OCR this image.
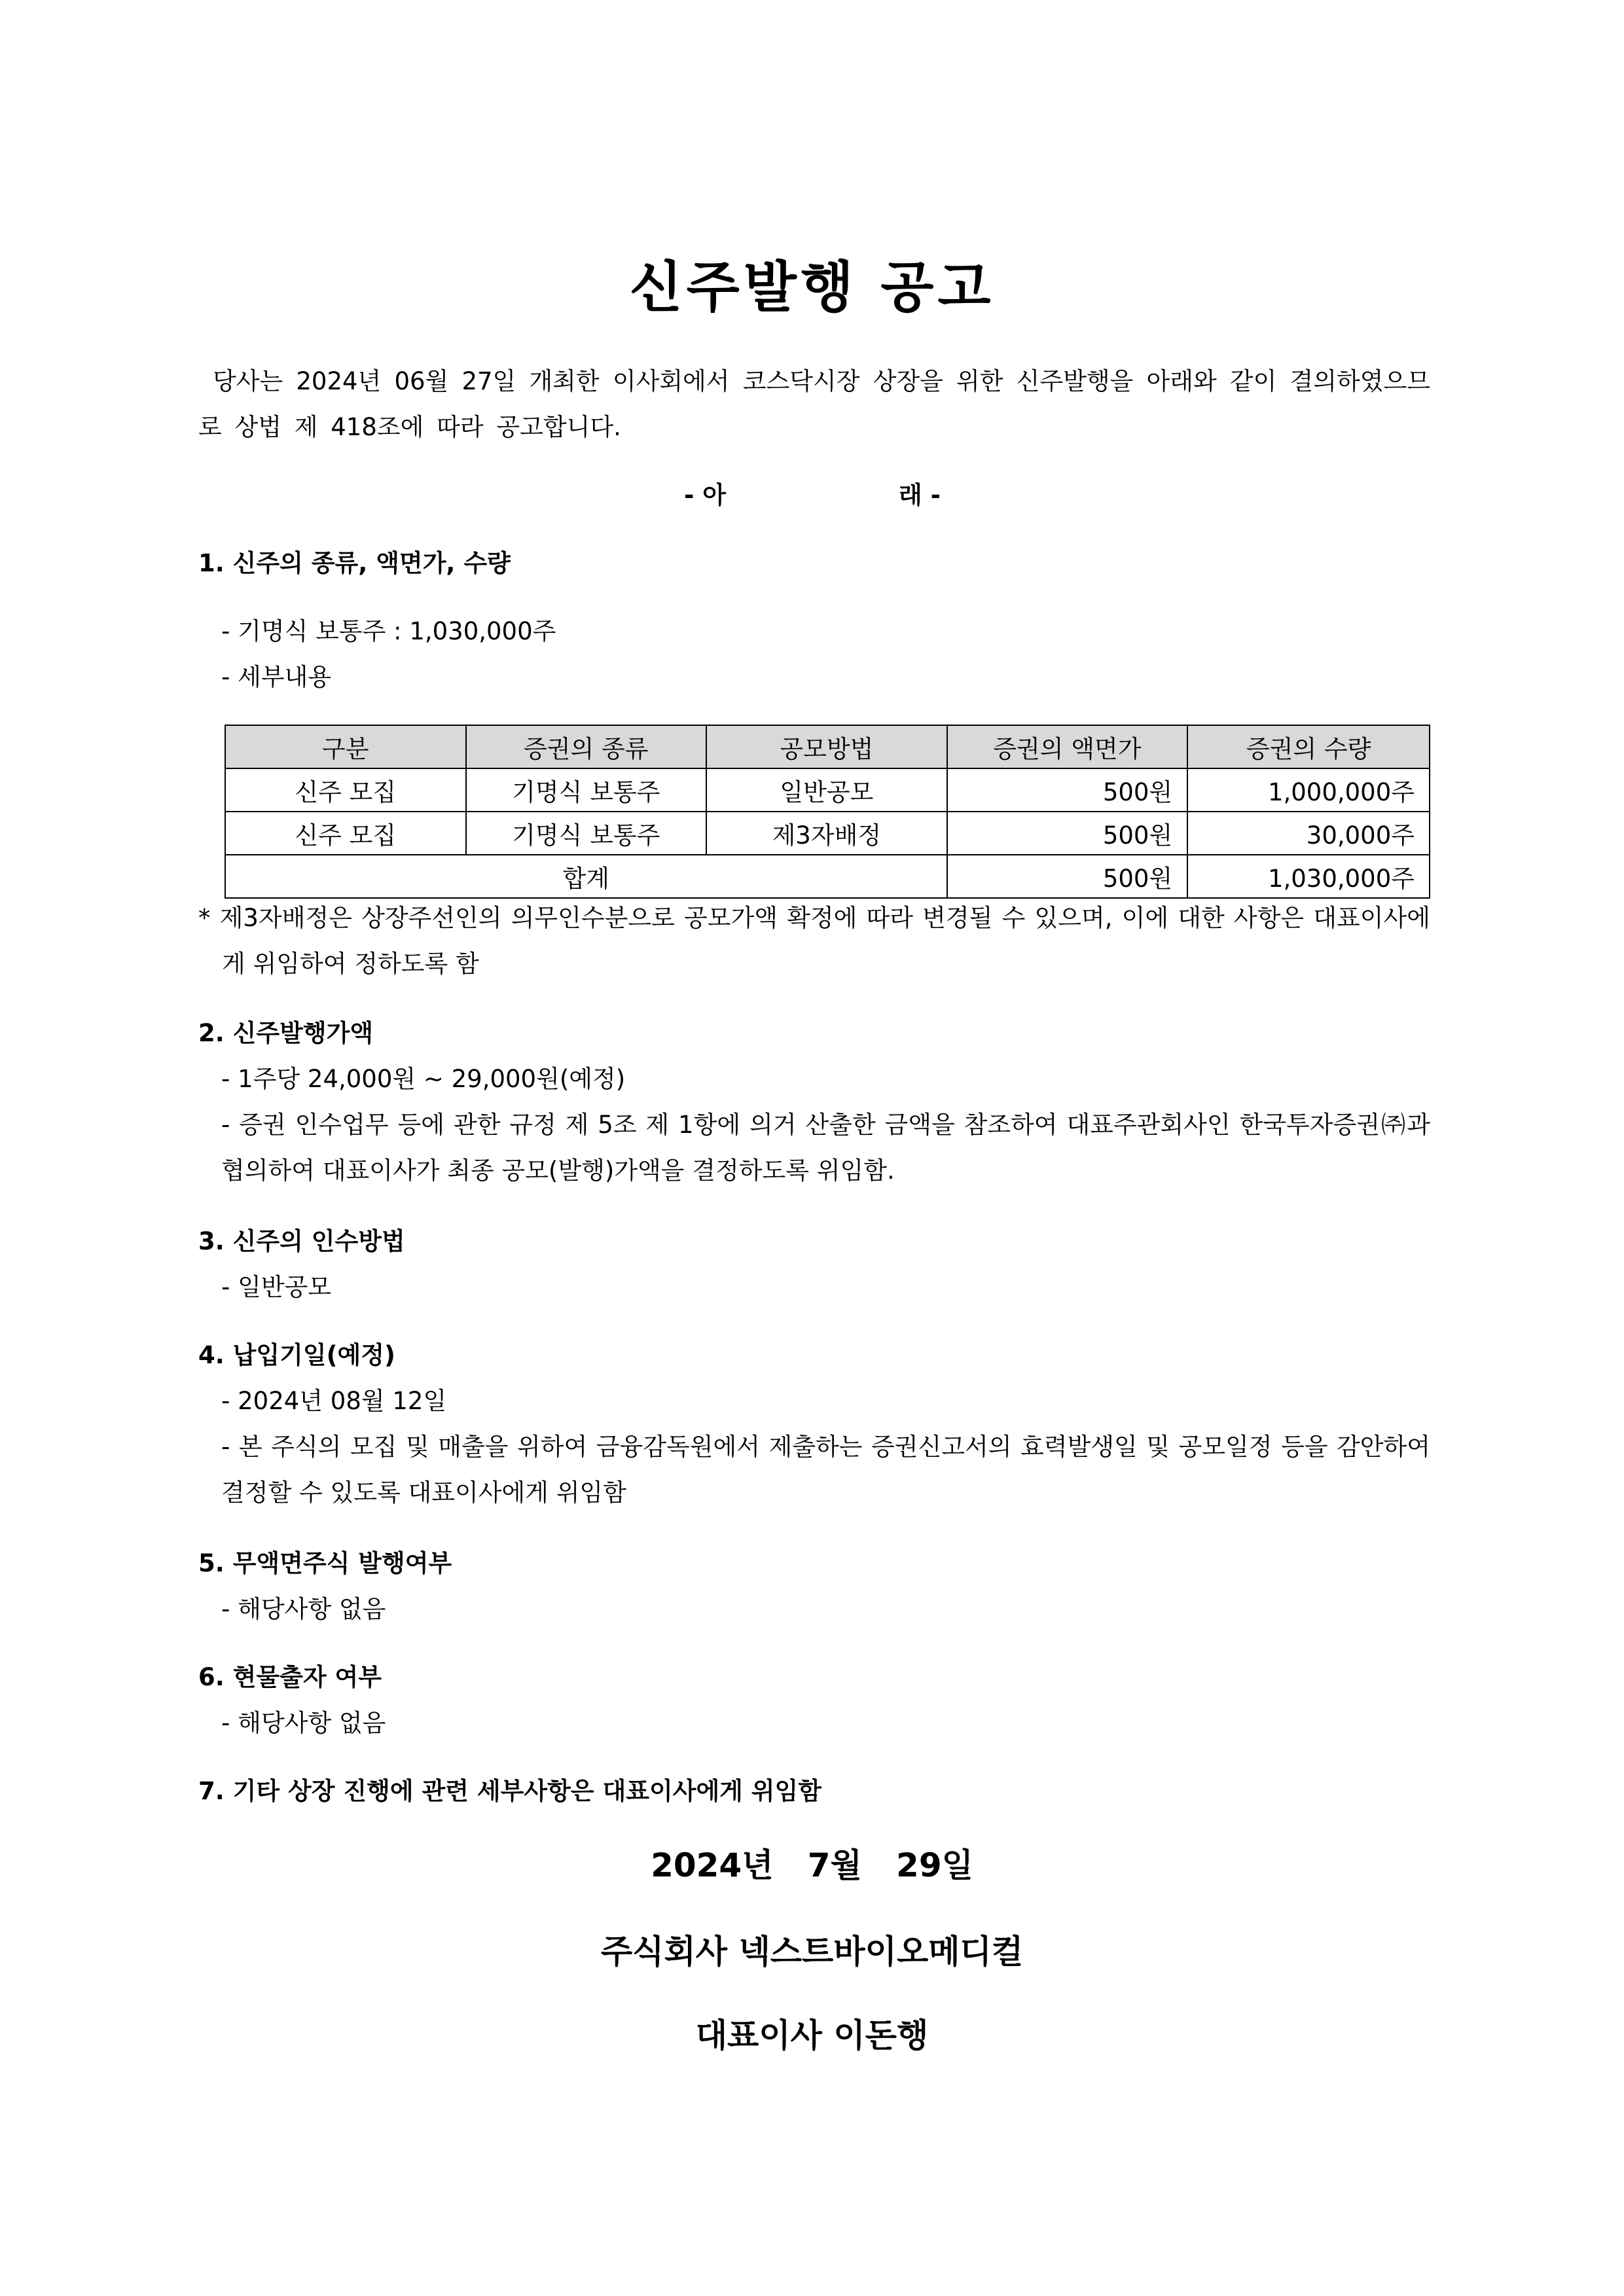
신주발행 공고
당사는 2024년 06월 27일 개최한 이사회에서 코스닥시장 상장을 위한 신주발행을 아래와 같이 결의하였으므로 상법 제 418조에 따라 공고합니다.
- 아	래 -
1. 신주의 종류, 액면가, 수량
- 기명식 보통주 : 1,030,000주
- 세부내용
구분	증권의 종류	공모방법	증권의 액면가	증권의 수량
신주 모집	기명식 보통주	일반공모	500원	1,000,000주
신주 모집	기명식 보통주	제3자배정	500원	30,000주
합계			500원	1,030,000주
* 제3자배정은 상장주선인의 의무인수분으로 공모가액 확정에 따라 변경될 수 있으며, 이에 대한 사항은 대표이사에게 위임하여 정하도록 함
2. 신주발행가액
- 1주당 24,000원 ~ 29,000원(예정)
- 증권 인수업무 등에 관한 규정 제 5조 제 1항에 의거 산출한 금액을 참조하여 대표주관회사인 한국투자증권㈜과 협의하여 대표이사가 최종 공모(발행)가액을 결정하도록 위임함.
3. 신주의 인수방법
- 일반공모
4. 납입기일(예정)
- 2024년 08월 12일
- 본 주식의 모집 및 매출을 위하여 금융감독원에서 제출하는 증권신고서의 효력발생일 및 공모일정 등을 감안하여 결정할 수 있도록 대표이사에게 위임함
5. 무액면주식 발행여부
- 해당사항 없음
6. 현물출자 여부
- 해당사항 없음
7. 기타 상장 진행에 관련 세부사항은 대표이사에게 위임함
2024년   7월   29일
주식회사 넥스트바이오메디컬
대표이사 이돈행
